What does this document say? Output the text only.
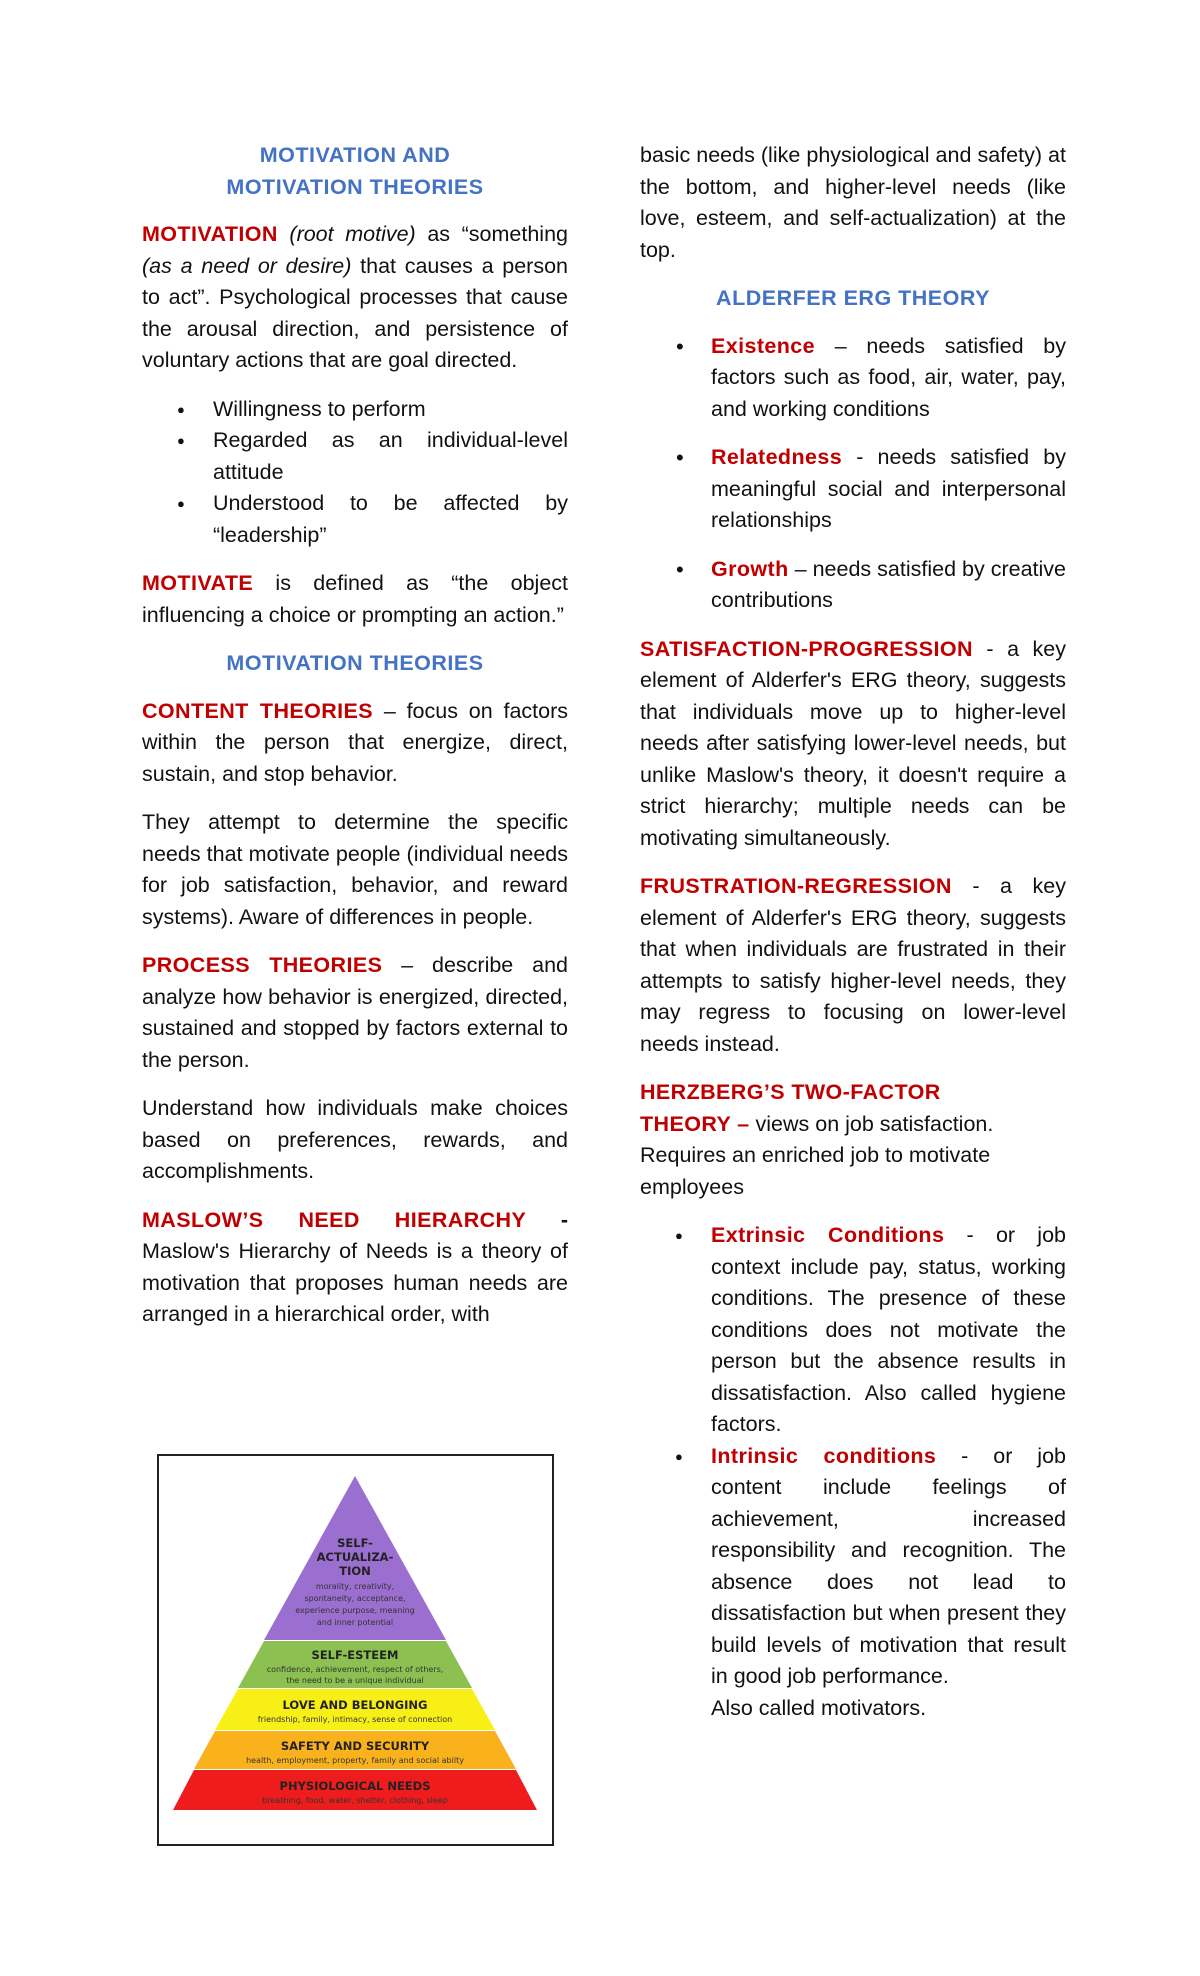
MOTIVATION AND
MOTIVATION THEORIES

MOTIVATION (root motive) as “something (as a need or desire) that causes a person to act”. Psychological processes that cause the arousal direction, and persistence of voluntary actions that are goal directed.

● Willingness to perform
● Regarded as an individual-level attitude
● Understood to be affected by “leadership”

MOTIVATE is defined as “the object influencing a choice or prompting an action.”

MOTIVATION THEORIES

CONTENT THEORIES – focus on factors within the person that energize, direct, sustain, and stop behavior.

They attempt to determine the specific needs that motivate people (individual needs for job satisfaction, behavior, and reward systems). Aware of differences in people.

PROCESS THEORIES – describe and analyze how behavior is energized, directed, sustained and stopped by factors external to the person.

Understand how individuals make choices based on preferences, rewards, and accomplishments.

MASLOW’S NEED HIERARCHY - Maslow's Hierarchy of Needs is a theory of motivation that proposes human needs are arranged in a hierarchical order, with

SELF-
ACTUALIZA-
TION
morality, creativity,
spontaneity, acceptance,
experience purpose, meaning
and inner potential
SELF-ESTEEM
confidence, achievement, respect of others,
the need to be a unique individual
LOVE AND BELONGING
friendship, family, intimacy, sense of connection
SAFETY AND SECURITY
health, employment, property, family and social abilty
PHYSIOLOGICAL NEEDS
breathing, food, water, shelter, clothing, sleep

basic needs (like physiological and safety) at the bottom, and higher-level needs (like love, esteem, and self-actualization) at the top.

ALDERFER ERG THEORY

• Existence – needs satisfied by factors such as food, air, water, pay, and working conditions
• Relatedness - needs satisfied by meaningful social and interpersonal relationships
• Growth – needs satisfied by creative contributions

SATISFACTION-PROGRESSION - a key element of Alderfer's ERG theory, suggests that individuals move up to higher-level needs after satisfying lower-level needs, but unlike Maslow's theory, it doesn't require a strict hierarchy; multiple needs can be motivating simultaneously.

FRUSTRATION-REGRESSION - a key element of Alderfer's ERG theory, suggests that when individuals are frustrated in their attempts to satisfy higher-level needs, they may regress to focusing on lower-level needs instead.

HERZBERG’S TWO-FACTOR
THEORY – views on job satisfaction.
Requires an enriched job to motivate employees

● Extrinsic Conditions - or job context include pay, status, working conditions. The presence of these conditions does not motivate the person but the absence results in dissatisfaction. Also called hygiene factors.
● Intrinsic conditions - or job content include feelings of achievement, increased responsibility and recognition. The absence does not lead to dissatisfaction but when present they build levels of motivation that result in good job performance.
Also called motivators.
